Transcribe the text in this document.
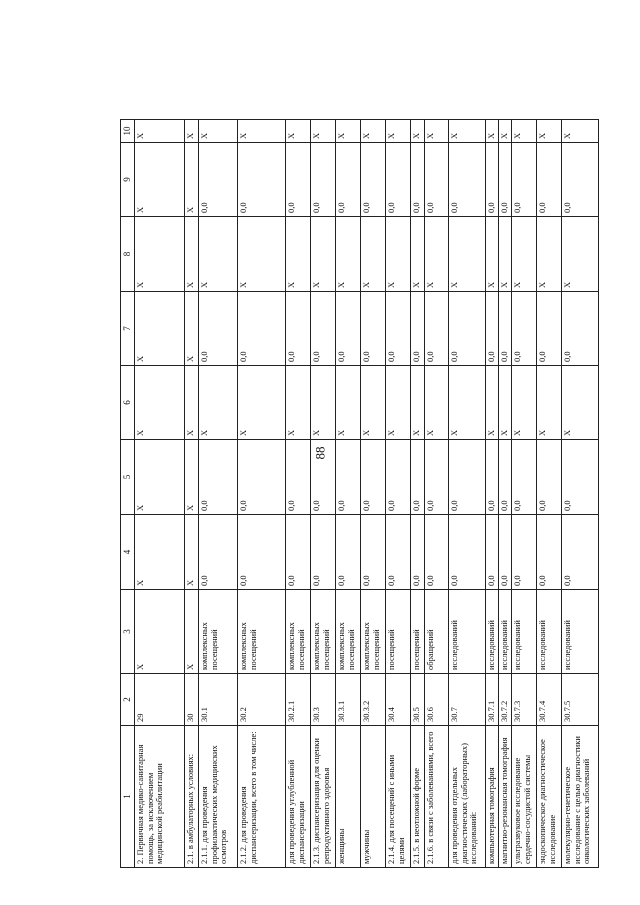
88
1	2	3	4	5	6	7	8	9	10
2. Первичная медико-санитарная помощь, за исключением медицинской реабилитации	29	X	X	X	X	X	X	X	X
2.1. в амбулаторных условиях:	30	X	X	X	X	X	X	X	X
2.1.1. для проведения профилактических медицинских осмотров	30.1	комплексных посещений	0,0	0,0	X	0,0	X	0,0	X
2.1.2. для проведения диспансеризации, всего в том числе:	30.2	комплексных посещений	0,0	0,0	X	0,0	X	0,0	X
для проведения углубленной диспансеризации	30.2.1	комплексных посещений	0,0	0,0	X	0,0	X	0,0	X
2.1.3. диспансеризация для оценки репродуктивного здоровья	30.3	комплексных посещений	0,0	0,0	X	0,0	X	0,0	X
женщины	30.3.1	комплексных посещений	0,0	0,0	X	0,0	X	0,0	X
мужчины	30.3.2	комплексных посещений	0,0	0,0	X	0,0	X	0,0	X
2.1.4. для посещений с иными целями	30.4	посещений	0,0	0,0	X	0,0	X	0,0	X
2.1.5. в неотложной форме	30.5	посещений	0,0	0,0	X	0,0	X	0,0	X
2.1.6. в связи с заболеваниями, всего	30.6	обращений	0,0	0,0	X	0,0	X	0,0	X
для проведения отдельных диагностических (лабораторных) исследований:	30.7	исследований	0,0	0,0	X	0,0	X	0,0	X
компьютерная томография	30.7.1	исследований	0,0	0,0	X	0,0	X	0,0	X
магнитно-резонансная томография	30.7.2	исследований	0,0	0,0	X	0,0	X	0,0	X
ультразвуковое исследование сердечно-сосудистой системы	30.7.3	исследований	0,0	0,0	X	0,0	X	0,0	X
эндоскопическое диагностическое исследование	30.7.4	исследований	0,0	0,0	X	0,0	X	0,0	X
молекулярно-генетическое исследование с целью диагностики онкологических заболеваний	30.7.5	исследований	0,0	0,0	X	0,0	X	0,0	X
